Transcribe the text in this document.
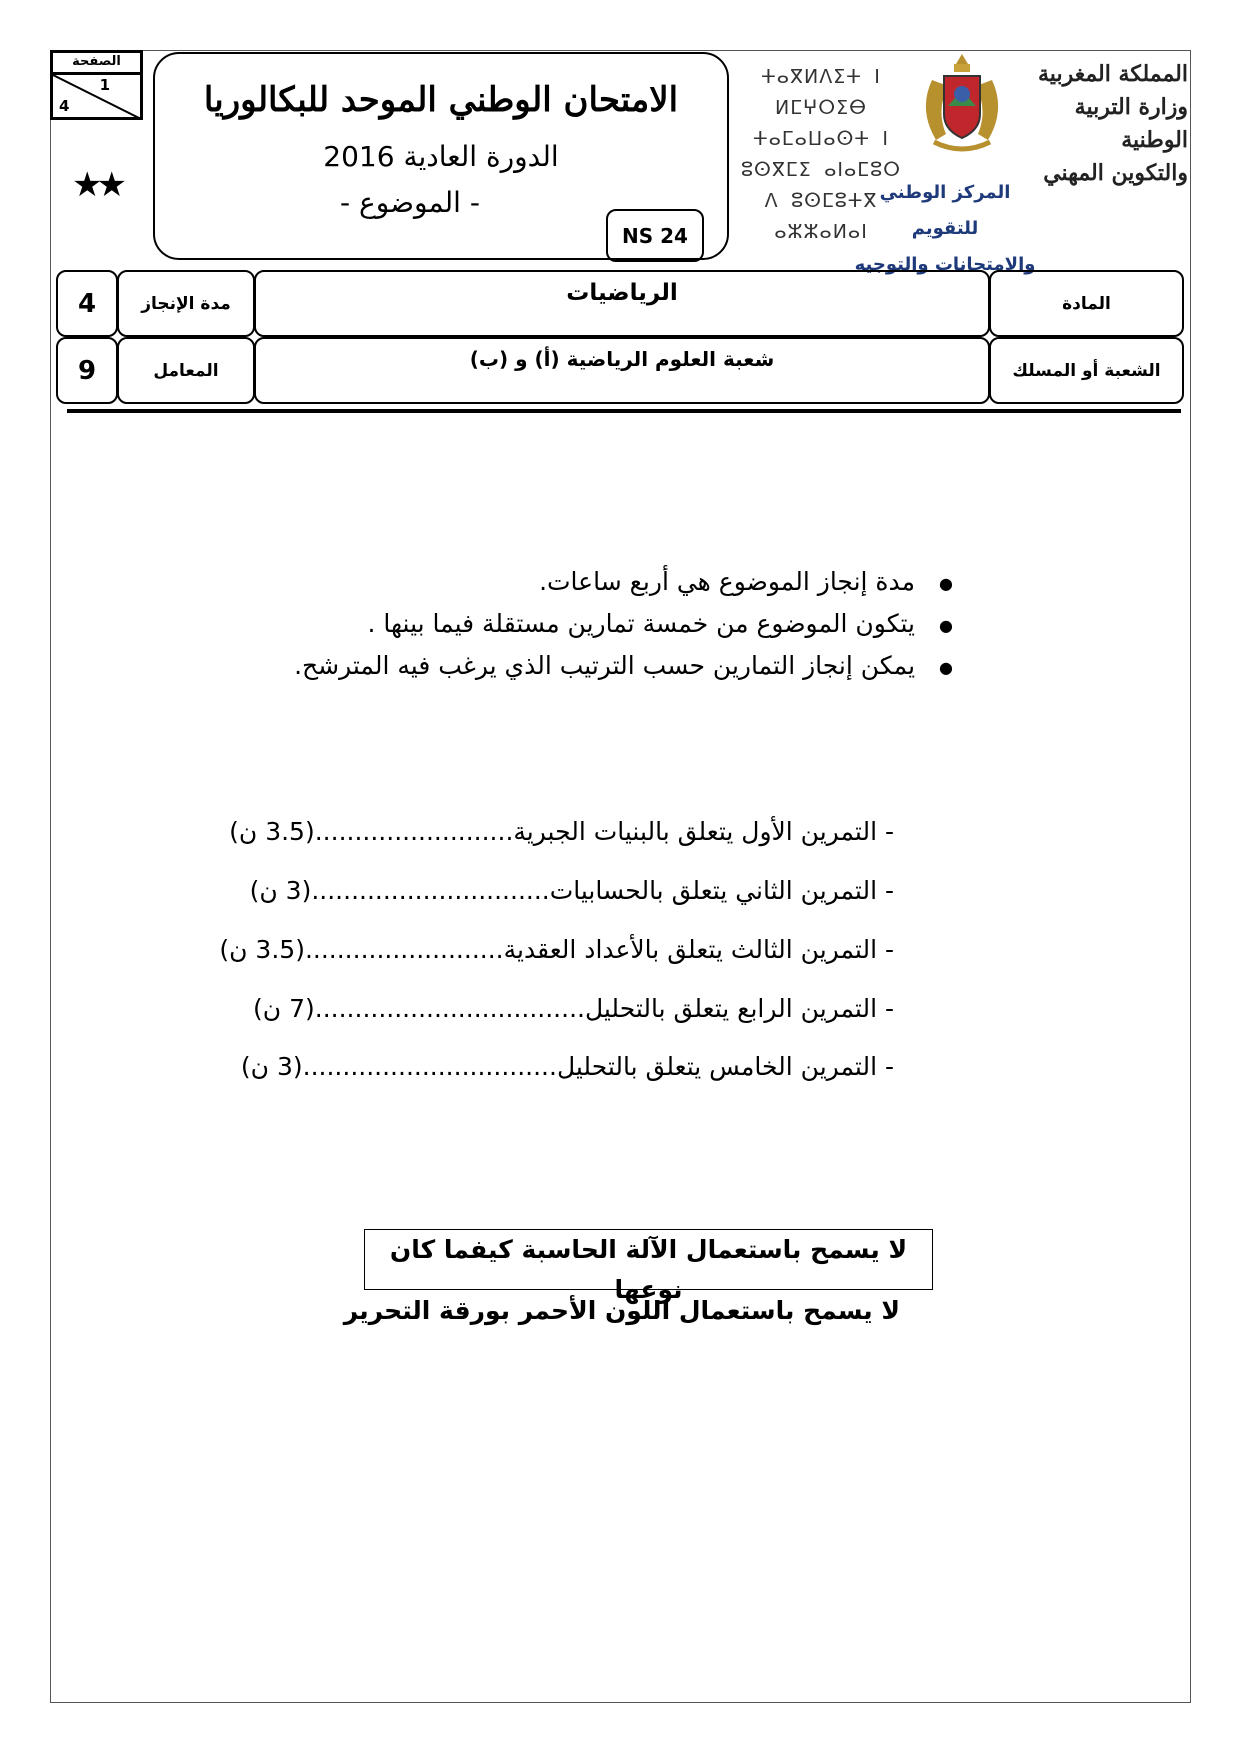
الصفحة
1
4
★★
الامتحان الوطني الموحد للبكالوريا
الدورة العادية 2016
- الموضوع -
NS 24
ⵜⴰⴳⵍⴷⵉⵜ ⵏ ⵍⵎⵖⵔⵉⴱ
ⵜⴰⵎⴰⵡⴰⵙⵜ ⵏ ⵓⵙⴳⵎⵉ ⴰⵏⴰⵎⵓⵔ
ⴷ ⵓⵙⵎⵓⵜⴳ ⴰⵣⵣⴰⵍⴰⵏ
المملكة المغربية
وزارة التربية الوطنية
والتكوين المهني
المركز الوطني للتقويم
والامتحانات والتوجيه
4	مدة الإنجاز	الرياضيات	المادة
9	المعامل	شعبة العلوم الرياضية (أ) و (ب)	الشعبة أو المسلك
● مدة إنجاز الموضوع هي أربع ساعات.
● يتكون الموضوع من خمسة تمارين مستقلة فيما بينها .
● يمكن إنجاز التمارين حسب الترتيب الذي يرغب فيه المترشح.
- التمرين الأول يتعلق بالبنيات الجبرية.........................(3.5 ن)
- التمرين الثاني يتعلق بالحسابيات..............................(3 ن)
- التمرين الثالث يتعلق بالأعداد العقدية.........................(3.5 ن)
- التمرين الرابع يتعلق بالتحليل..................................(7 ن)
- التمرين الخامس يتعلق بالتحليل................................(3 ن)
لا يسمح باستعمال الآلة الحاسبة كيفما كان نوعها
لا يسمح باستعمال اللون الأحمر بورقة التحرير
